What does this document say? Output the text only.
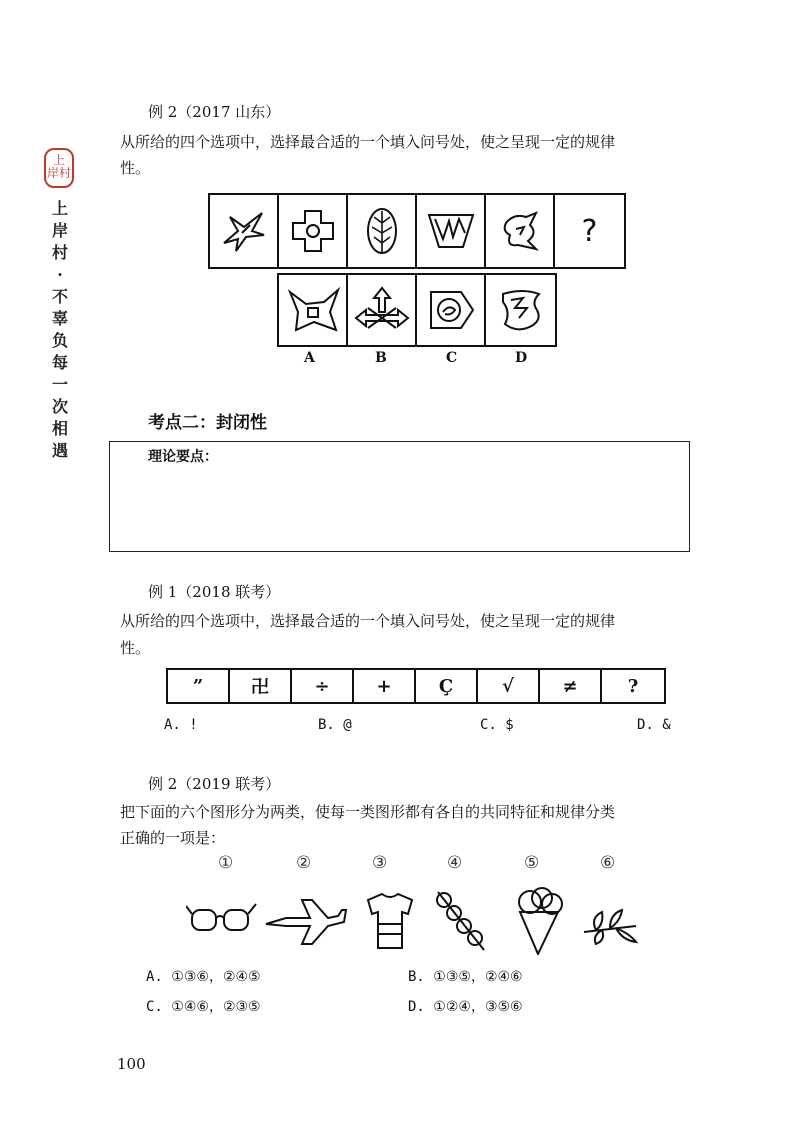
上
岸村
上
岸
村
·
不
辜
负
每
一
次
相
遇
例 2（2017 山东）
从所给的四个选项中，选择最合适的一个填入问号处，使之呈现一定的规律
性。
?
A	B	C	D
考点二：封闭性
理论要点：
例 1（2018 联考）
从所给的四个选项中，选择最合适的一个填入问号处，使之呈现一定的规律
性。
”	卍	÷	+	Ç	√	≠	?
A. !	B. @	C. $	D. &
例 2（2019 联考）
把下面的六个图形分为两类，使每一类图形都有各自的共同特征和规律分类
正确的一项是：
①	②	③	④	⑤	⑥
A. ①③⑥，②④⑤	B. ①③⑤，②④⑥
C. ①④⑥，②③⑤	D. ①②④，③⑤⑥
100
